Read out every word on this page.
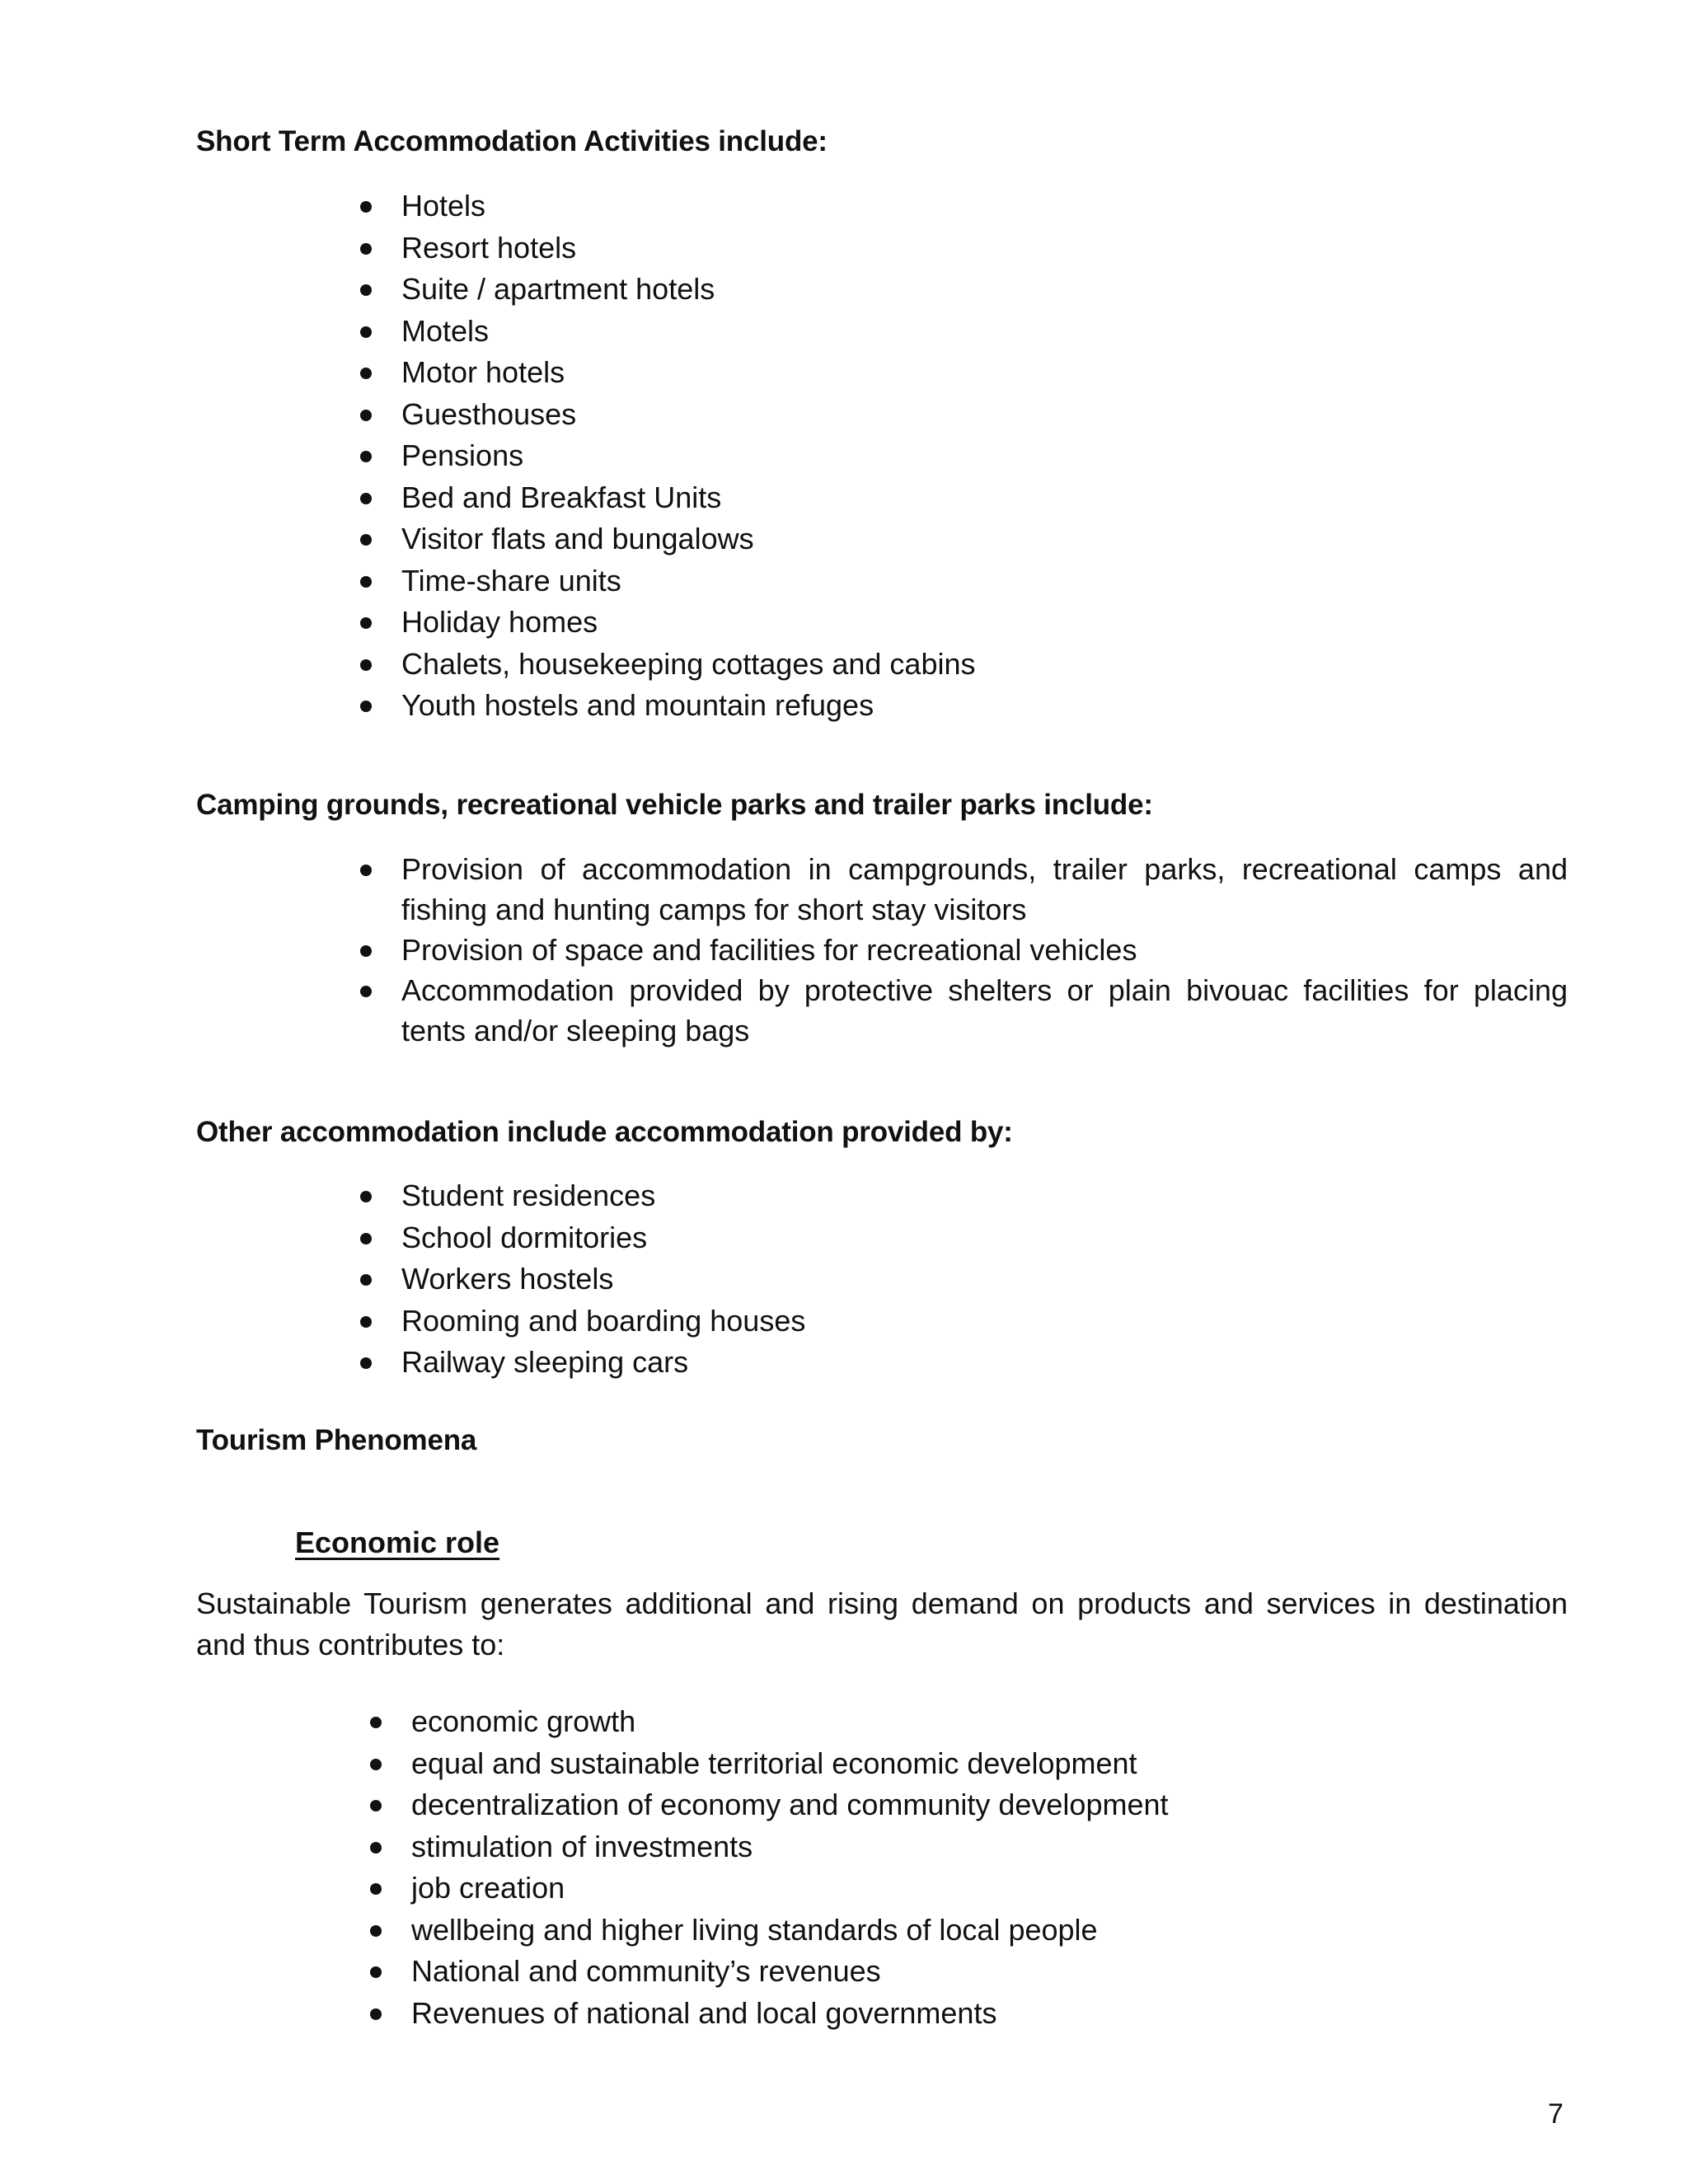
Short Term Accommodation Activities include:
Hotels
Resort hotels
Suite / apartment hotels
Motels
Motor hotels
Guesthouses
Pensions
Bed and Breakfast Units
Visitor flats and bungalows
Time-share units
Holiday homes
Chalets, housekeeping cottages and cabins
Youth hostels and mountain refuges
Camping grounds, recreational vehicle parks and trailer parks include:
Provision of accommodation in campgrounds, trailer parks, recreational camps and fishing and hunting camps for short stay visitors
Provision of space and facilities for recreational vehicles
Accommodation provided by protective shelters or plain bivouac facilities for placing tents and/or sleeping bags
Other accommodation include accommodation provided by:
Student residences
School dormitories
Workers hostels
Rooming and boarding houses
Railway sleeping cars
Tourism Phenomena
Economic role

Sustainable Tourism generates additional and rising demand on products and services in destination and thus contributes to:

economic growth
equal and sustainable territorial economic development
decentralization of economy and community development
stimulation of investments
job creation
wellbeing and higher living standards of local people
National and community’s revenues
Revenues of national and local governments

7
